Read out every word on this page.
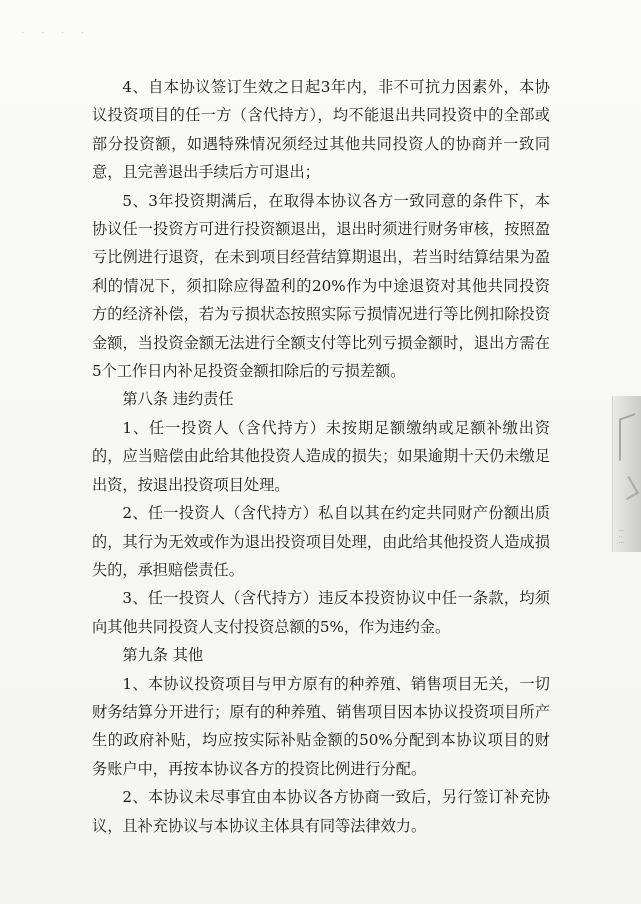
· · · ·

4、自本协议签订生效之日起3年内，非不可抗力因素外，本协议投资项目的任一方（含代持方），均不能退出共同投资中的全部或部分投资额，如遇特殊情况须经过其他共同投资人的协商并一致同意，且完善退出手续后方可退出；

5、3年投资期满后，在取得本协议各方一致同意的条件下，本协议任一投资方可进行投资额退出，退出时须进行财务审核，按照盈亏比例进行退资，在未到项目经营结算期退出，若当时结算结果为盈利的情况下，须扣除应得盈利的20%作为中途退资对其他共同投资方的经济补偿，若为亏损状态按照实际亏损情况进行等比例扣除投资金额，当投资金额无法进行全额支付等比列亏损金额时，退出方需在5个工作日内补足投资金额扣除后的亏损差额。

第八条 违约责任

1、任一投资人（含代持方）未按期足额缴纳或足额补缴出资的，应当赔偿由此给其他投资人造成的损失；如果逾期十天仍未缴足出资，按退出投资项目处理。

2、任一投资人（含代持方）私自以其在约定共同财产份额出质的，其行为无效或作为退出投资项目处理，由此给其他投资人造成损失的，承担赔偿责任。

3、任一投资人（含代持方）违反本投资协议中任一条款，均须向其他共同投资人支付投资总额的5%，作为违约金。

第九条 其他

1、本协议投资项目与甲方原有的种养殖、销售项目无关，一切财务结算分开进行；原有的种养殖、销售项目因本协议投资项目所产生的政府补贴，均应按实际补贴金额的50%分配到本协议项目的财务账户中，再按本协议各方的投资比例进行分配。

2、本协议未尽事宜由本协议各方协商一致后，另行签订补充协议，且补充协议与本协议主体具有同等法律效力。

···
··
···
